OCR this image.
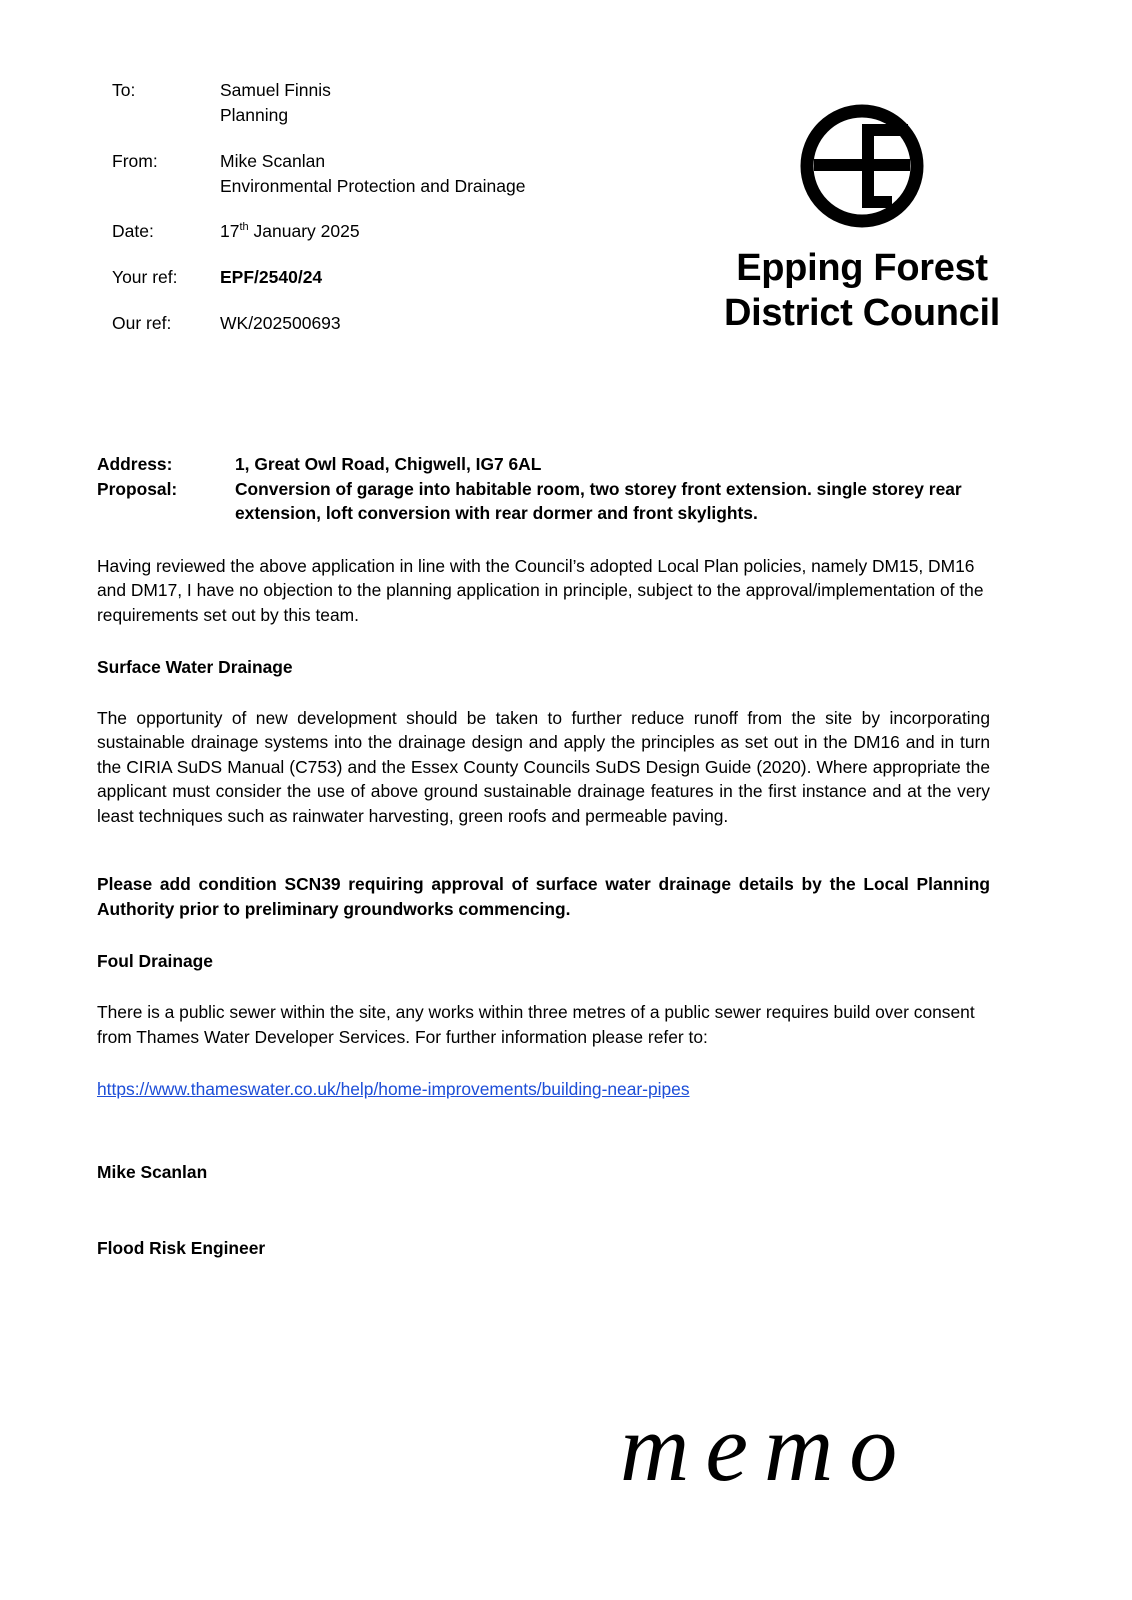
To:	Samuel Finnis
Planning
From:	Mike Scanlan
Environmental Protection and Drainage
Date:	17th January 2025
Your ref:	EPF/2540/24
Our ref:	WK/202500693
Epping Forest
District Council
Address:	1, Great Owl Road, Chigwell, IG7 6AL
Proposal:	Conversion of garage into habitable room, two storey front extension. single storey rear extension, loft conversion with rear dormer and front skylights.

Having reviewed the above application in line with the Council’s adopted Local Plan policies, namely DM15, DM16 and DM17, I have no objection to the planning application in principle, subject to the approval/implementation of the requirements set out by this team.

Surface Water Drainage

The opportunity of new development should be taken to further reduce runoff from the site by incorporating sustainable drainage systems into the drainage design and apply the principles as set out in the DM16 and in turn the CIRIA SuDS Manual (C753) and the Essex County Councils SuDS Design Guide (2020). Where appropriate the applicant must consider the use of above ground sustainable drainage features in the first instance and at the very least techniques such as rainwater harvesting, green roofs and permeable paving.

Please add condition SCN39 requiring approval of surface water drainage details by the Local Planning Authority prior to preliminary groundworks commencing.

Foul Drainage

There is a public sewer within the site, any works within three metres of a public sewer requires build over consent from Thames Water Developer Services. For further information please refer to:

https://www.thameswater.co.uk/help/home-improvements/building-near-pipes
Mike Scanlan
Flood Risk Engineer
memo
